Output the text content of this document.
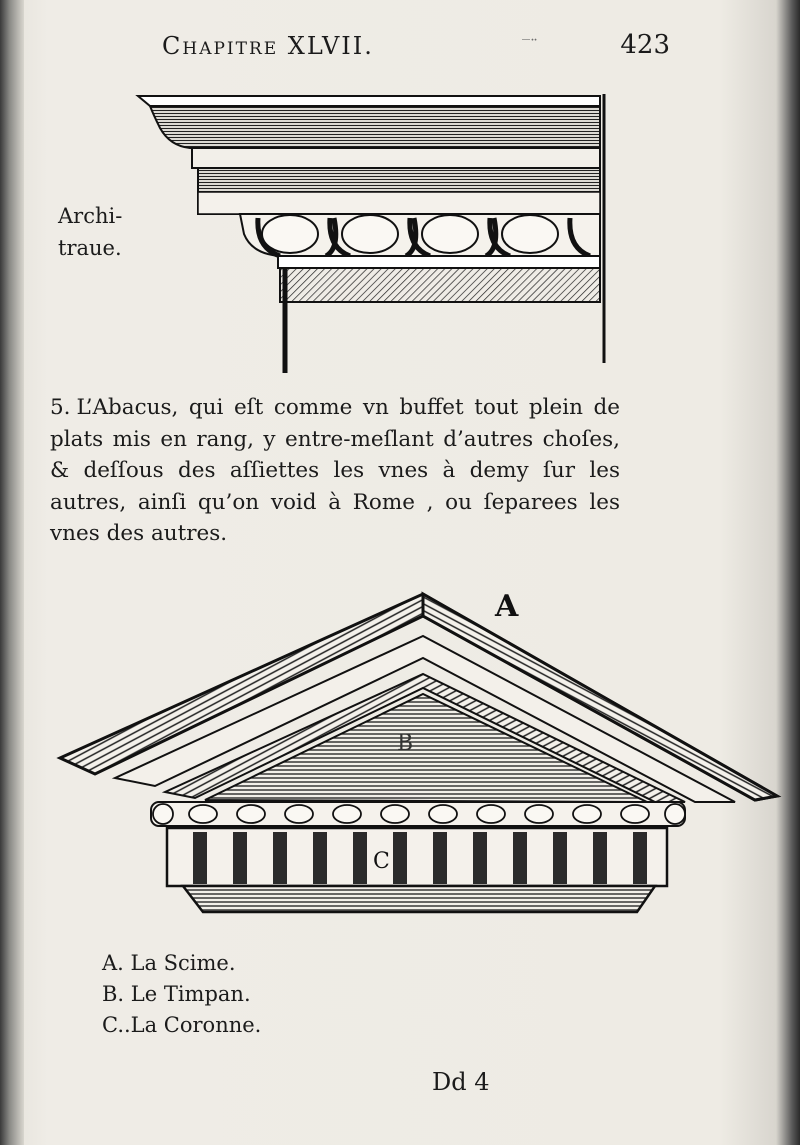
Chapitre XLVII.	‾¨	423
Archi-
traue.
5. L’Abacus, qui eſt comme vn buffet tout plein de plats mis en rang, y entre-meſlant d’autres choſes, & deſſous des aſſiettes les vnes à demy ſur les autres, ainſi qu’on void à Rome , ou ſeparees les vnes des autres.
A
B
C
A. La Scime.
B. Le Timpan.
C..La Coronne.
Dd 4
